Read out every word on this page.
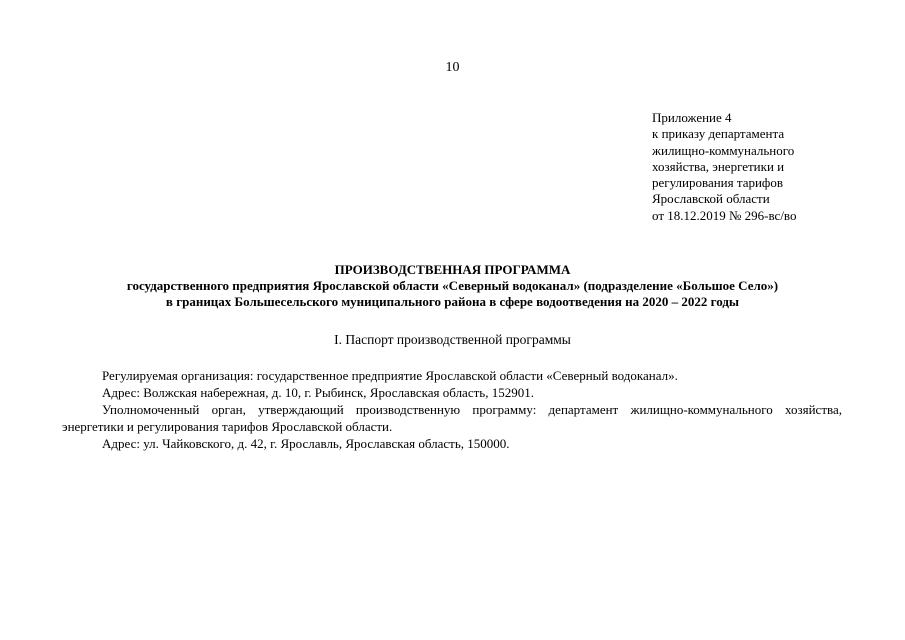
10
Приложение 4
к приказу департамента
жилищно-коммунального
хозяйства, энергетики и
регулирования тарифов
Ярославской области
от 18.12.2019 № 296-вс/во
ПРОИЗВОДСТВЕННАЯ ПРОГРАММА
государственного предприятия Ярославской области «Северный водоканал» (подразделение «Большое Село»)
в границах Большесельского муниципального района в сфере водоотведения на 2020 – 2022 годы
I. Паспорт производственной программы
Регулируемая организация: государственное предприятие Ярославской области «Северный водоканал».
Адрес: Волжская набережная, д. 10, г. Рыбинск, Ярославская область, 152901.
Уполномоченный орган, утверждающий производственную программу: департамент жилищно-коммунального хозяйства, энергетики и регулирования тарифов Ярославской области.
Адрес: ул. Чайковского, д. 42, г. Ярославль, Ярославская область, 150000.
